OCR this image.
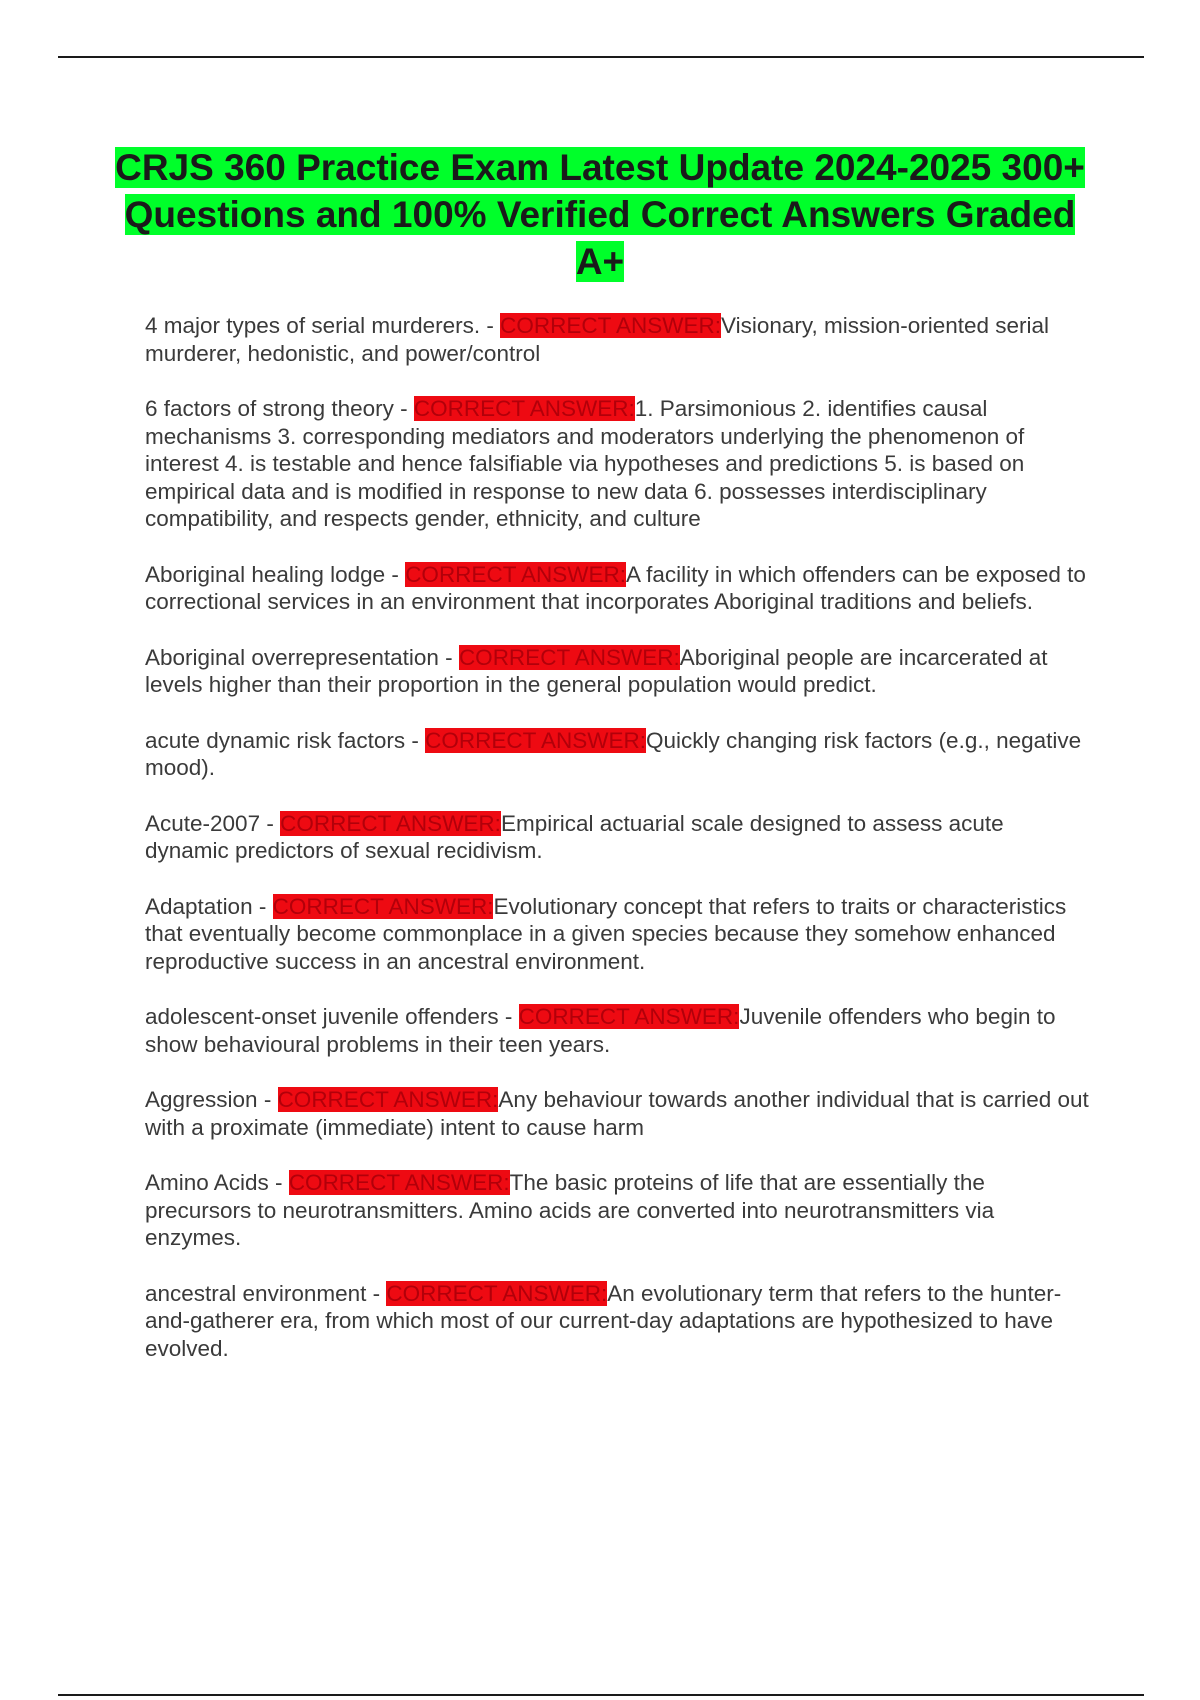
CRJS 360 Practice Exam Latest Update 2024-2025 300+ Questions and 100% Verified Correct Answers Graded A+

4 major types of serial murderers. - CORRECT ANSWER:Visionary, mission-oriented serial murderer, hedonistic, and power/control

6 factors of strong theory - CORRECT ANSWER:1. Parsimonious 2. identifies causal mechanisms 3. corresponding mediators and moderators underlying the phenomenon of interest 4. is testable and hence falsifiable via hypotheses and predictions 5. is based on empirical data and is modified in response to new data 6. possesses interdisciplinary compatibility, and respects gender, ethnicity, and culture

Aboriginal healing lodge - CORRECT ANSWER:A facility in which offenders can be exposed to correctional services in an environment that incorporates Aboriginal traditions and beliefs.

Aboriginal overrepresentation - CORRECT ANSWER:Aboriginal people are incarcerated at levels higher than their proportion in the general population would predict.

acute dynamic risk factors - CORRECT ANSWER:Quickly changing risk factors (e.g., negative mood).

Acute-2007 - CORRECT ANSWER:Empirical actuarial scale designed to assess acute dynamic predictors of sexual recidivism.

Adaptation - CORRECT ANSWER:Evolutionary concept that refers to traits or characteristics that eventually become commonplace in a given species because they somehow enhanced reproductive success in an ancestral environment.

adolescent-onset juvenile offenders - CORRECT ANSWER:Juvenile offenders who begin to show behavioural problems in their teen years.

Aggression - CORRECT ANSWER:Any behaviour towards another individual that is carried out with a proximate (immediate) intent to cause harm

Amino Acids - CORRECT ANSWER:The basic proteins of life that are essentially the precursors to neurotransmitters. Amino acids are converted into neurotransmitters via enzymes.

ancestral environment - CORRECT ANSWER:An evolutionary term that refers to the hunter-and-gatherer era, from which most of our current-day adaptations are hypothesized to have evolved.
